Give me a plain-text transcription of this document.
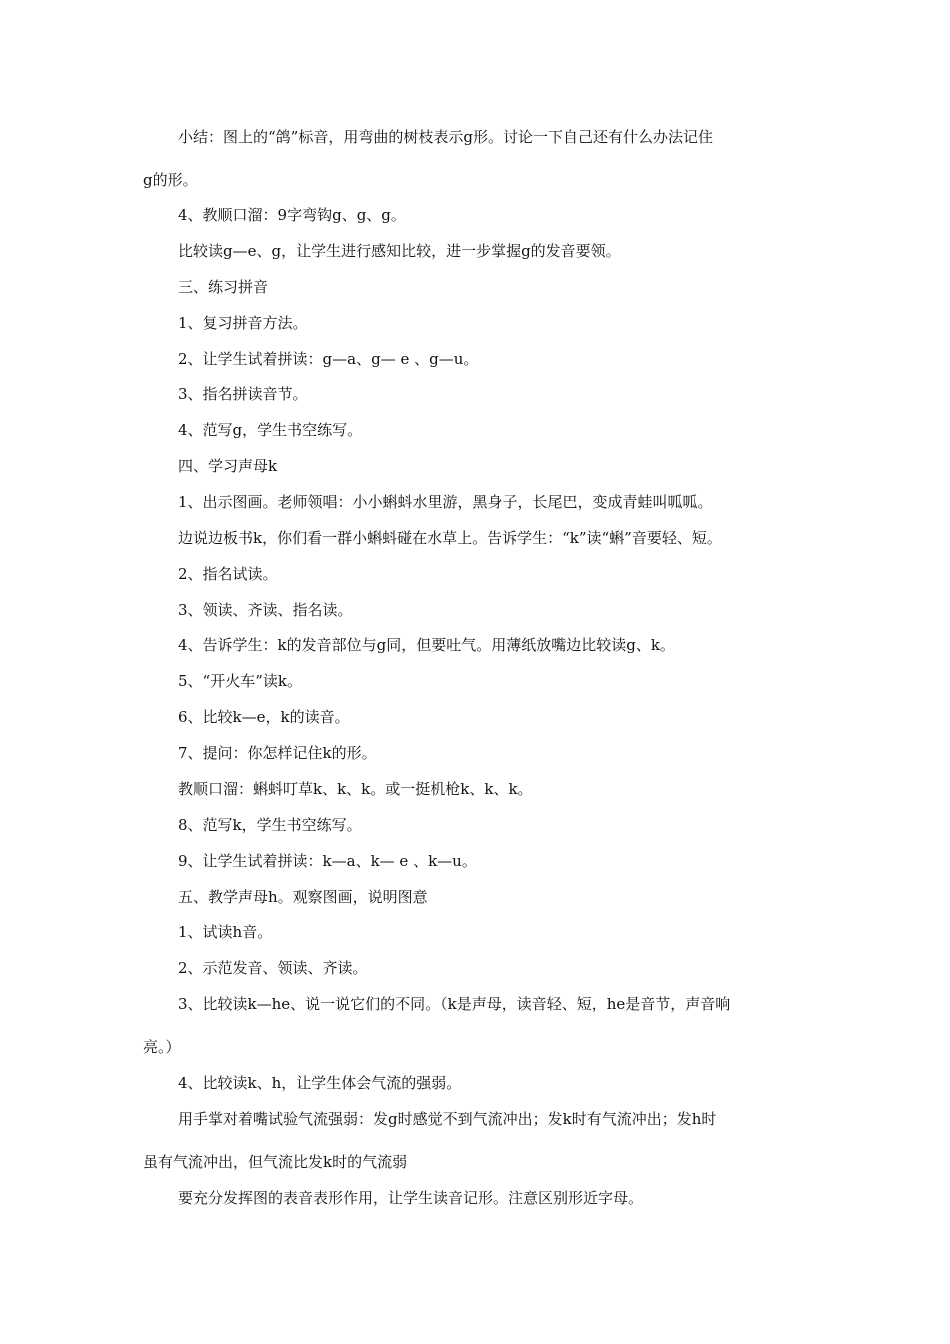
小结：图上的“鸽”标音，用弯曲的树枝表示g形。讨论一下自己还有什么办法记住
g的形。
4、教顺口溜：9字弯钩g、g、g。
比较读g—e、g，让学生进行感知比较，进一步掌握g的发音要领。
三、练习拼音
1、复习拼音方法。
2、让学生试着拼读：g—a、g— e 、g—u。
3、指名拼读音节。
4、范写g，学生书空练写。
四、学习声母k
1、出示图画。老师领唱：小小蝌蚪水里游，黑身子，长尾巴，变成青蛙叫呱呱。
边说边板书k，你们看一群小蝌蚪碰在水草上。告诉学生：“k”读“蝌”音要轻、短。
2、指名试读。
3、领读、齐读、指名读。
4、告诉学生：k的发音部位与g同，但要吐气。用薄纸放嘴边比较读g、k。
5、“开火车”读k。
6、比较k—e，k的读音。
7、提问：你怎样记住k的形。
教顺口溜：蝌蚪叮草k、k、k。或一挺机枪k、k、k。
8、范写k，学生书空练写。
9、让学生试着拼读：k—a、k— e 、k—u。
五、教学声母h。观察图画，说明图意
1、试读h音。
2、示范发音、领读、齐读。
3、比较读k—he、说一说它们的不同。（k是声母，读音轻、短，he是音节，声音响
亮。）
4、比较读k、h，让学生体会气流的强弱。
用手掌对着嘴试验气流强弱：发g时感觉不到气流冲出；发k时有气流冲出；发h时
虽有气流冲出，但气流比发k时的气流弱
要充分发挥图的表音表形作用，让学生读音记形。注意区别形近字母。
